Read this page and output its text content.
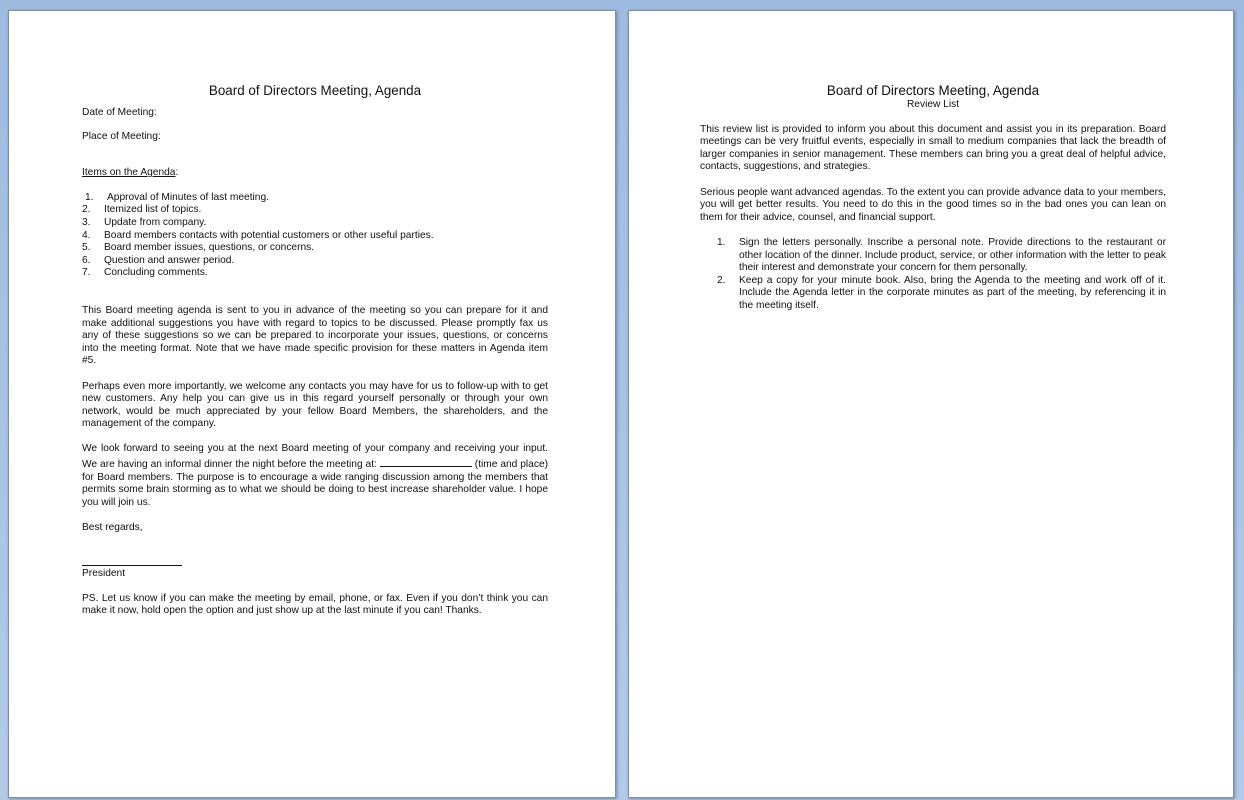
Board of Directors Meeting, Agenda

Date of Meeting:

Place of Meeting:

Items on the Agenda:
1. Approval of Minutes of last meeting.
2. Itemized list of topics.
3. Update from company.
4. Board members contacts with potential customers or other useful parties.
5. Board member issues, questions, or concerns.
6. Question and answer period.
7. Concluding comments.

This Board meeting agenda is sent to you in advance of the meeting so you can prepare for it and make additional suggestions you have with regard to topics to be discussed. Please promptly fax us any of these suggestions so we can be prepared to incorporate your issues, questions, or concerns into the meeting format. Note that we have made specific provision for these matters in Agenda item #5.

Perhaps even more importantly, we welcome any contacts you may have for us to follow-up with to get new customers. Any help you can give us in this regard yourself personally or through your own network, would be much appreciated by your fellow Board Members, the shareholders, and the management of the company.

We look forward to seeing you at the next Board meeting of your company and receiving your input. We are having an informal dinner the night before the meeting at:	(time and place) for Board members. The purpose is to encourage a wide ranging discussion among the members that permits some brain storming as to what we should be doing to best increase shareholder value. I hope you will join us.

Best regards,

President

PS. Let us know if you can make the meeting by email, phone, or fax. Even if you don’t think you can make it now, hold open the option and just show up at the last minute if you can! Thanks.

Board of Directors Meeting, Agenda

Review List

This review list is provided to inform you about this document and assist you in its preparation. Board meetings can be very fruitful events, especially in small to medium companies that lack the breadth of larger companies in senior management. These members can bring you a great deal of helpful advice, contacts, suggestions, and strategies.

Serious people want advanced agendas. To the extent you can provide advance data to your members, you will get better results. You need to do this in the good times so in the bad ones you can lean on them for their advice, counsel, and financial support.

1. Sign the letters personally. Inscribe a personal note. Provide directions to the restaurant or other location of the dinner. Include product, service, or other information with the letter to peak their interest and demonstrate your concern for them personally.
2. Keep a copy for your minute book. Also, bring the Agenda to the meeting and work off of it. Include the Agenda letter in the corporate minutes as part of the meeting, by referencing it in the meeting itself.
